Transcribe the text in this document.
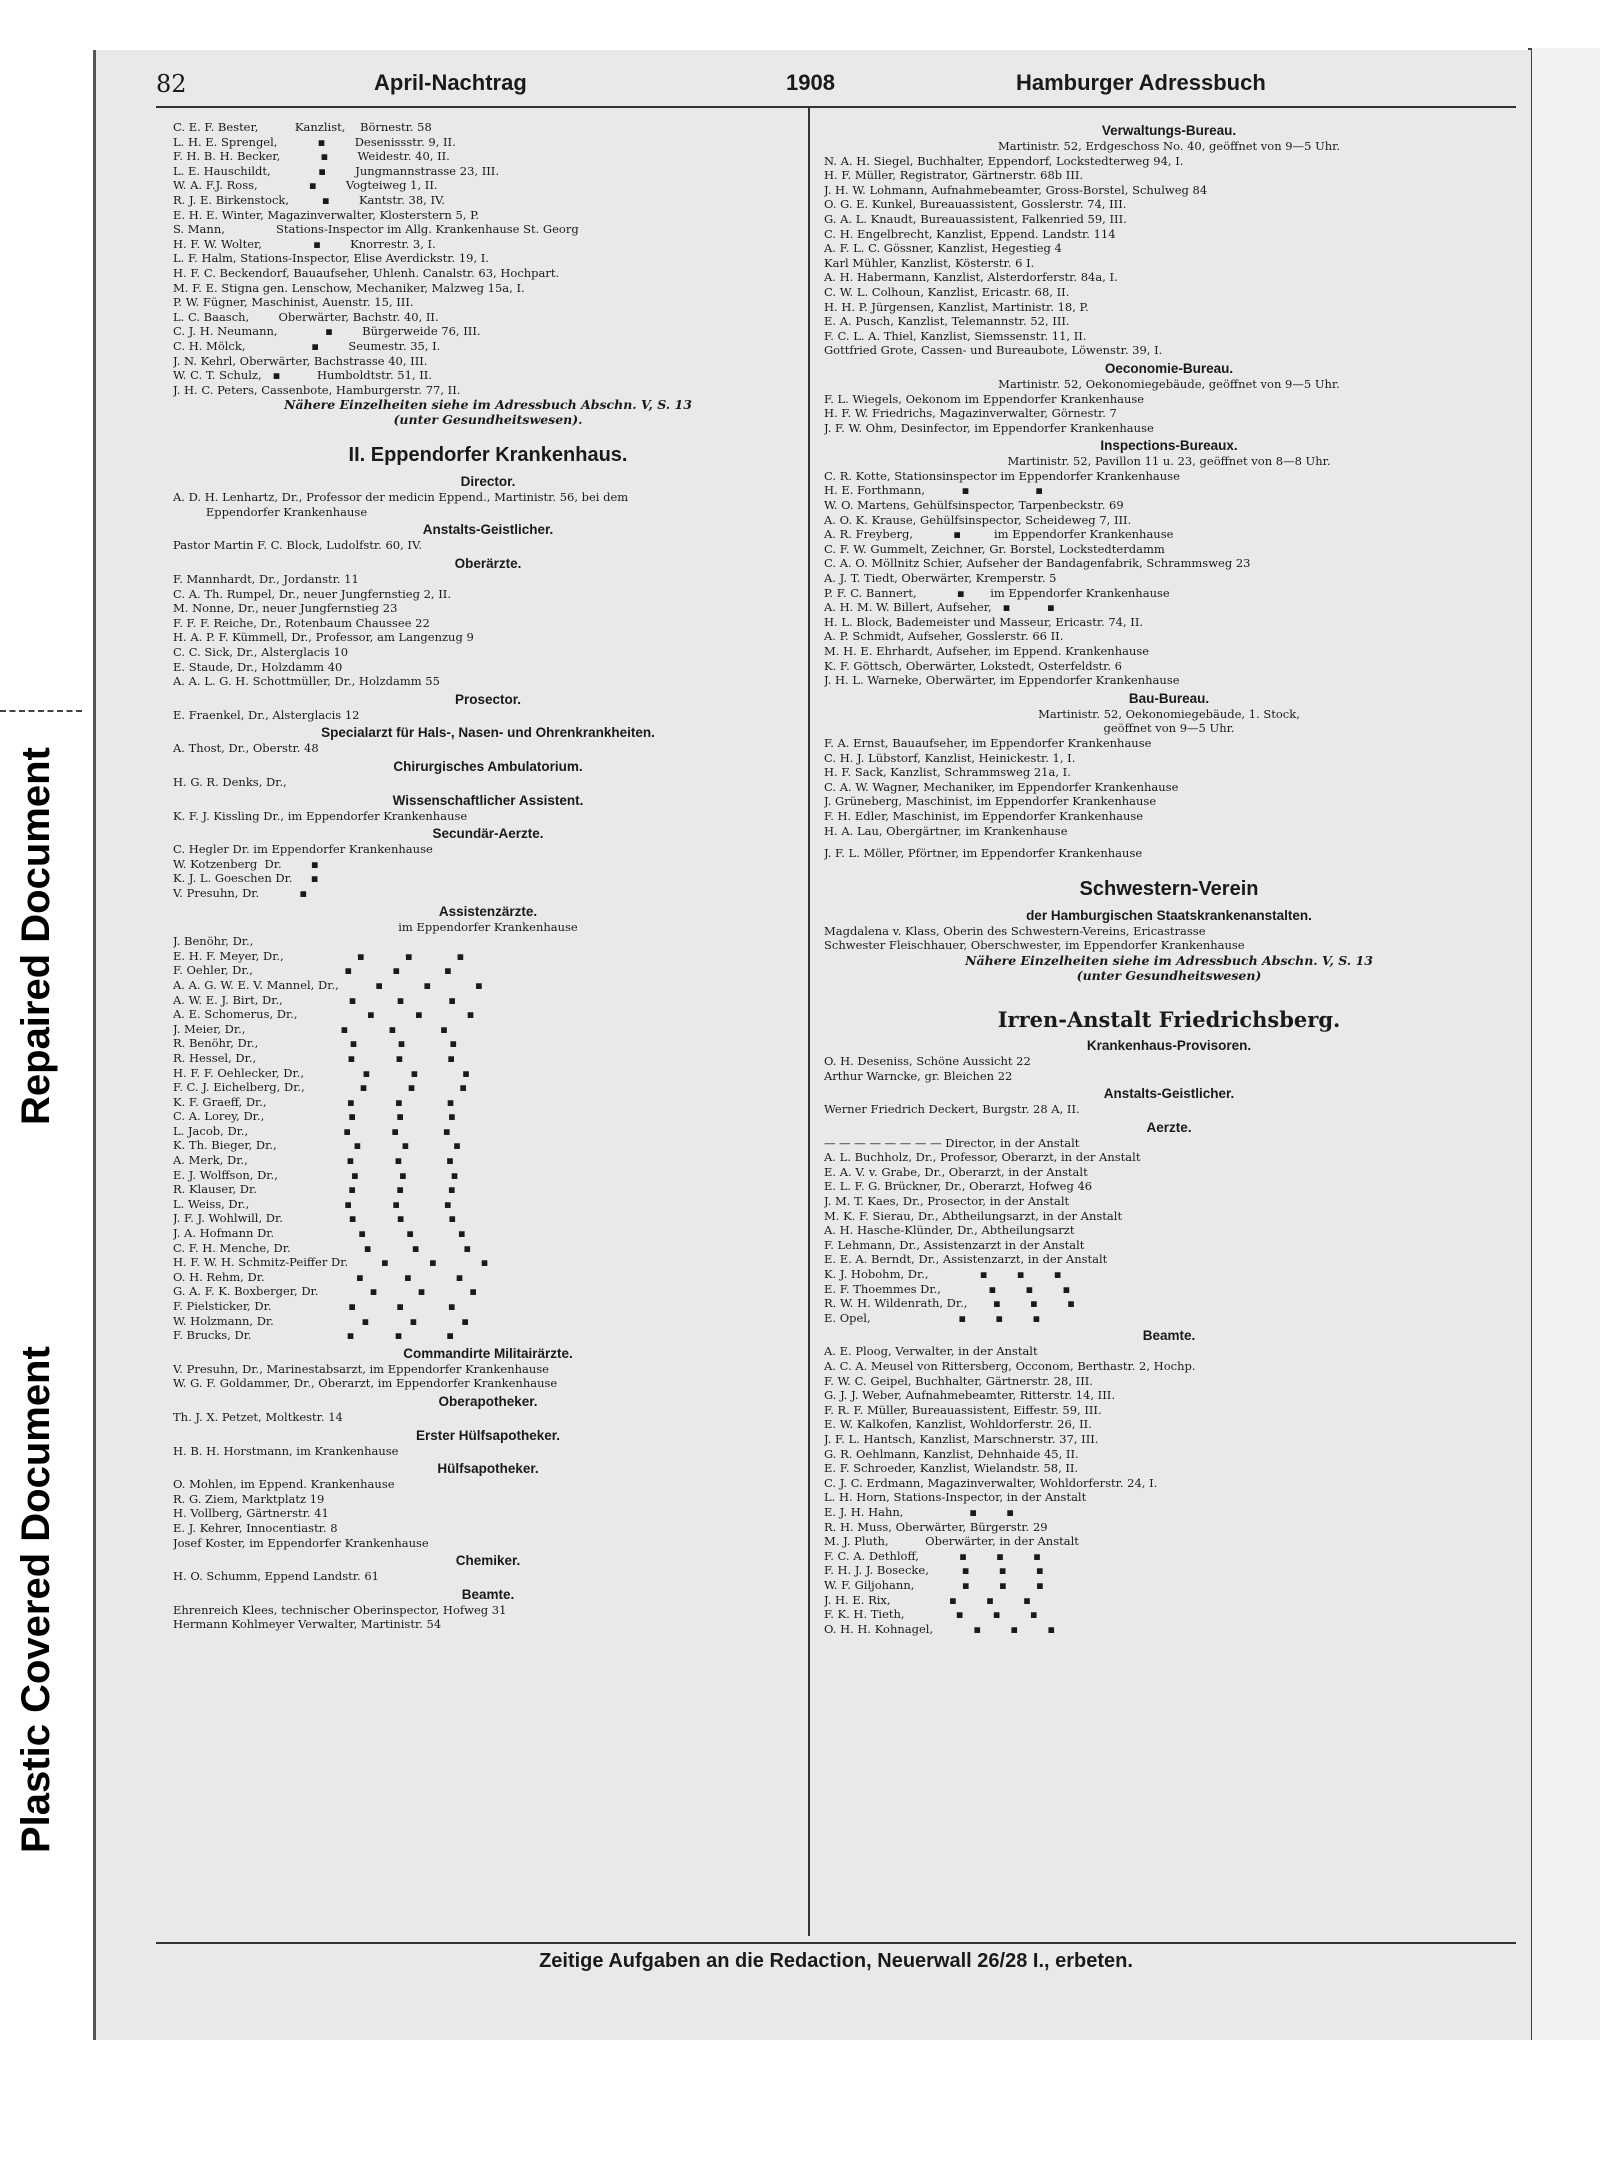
Repaired Document
Plastic Covered Document
82	April-Nachtrag	1908	Hamburger Adressbuch
C. E. F. Bester,          Kanzlist,    Börnestr. 58
L. H. E. Sprengel,           ▪        Desenissstr. 9, II.
F. H. B. H. Becker,           ▪        Weidestr. 40, II.
L. E. Hauschildt,             ▪        Jungmannstrasse 23, III.
W. A. F.J. Ross,              ▪        Vogteiweg 1, II.
R. J. E. Birkenstock,         ▪        Kantstr. 38, IV.
E. H. E. Winter, Magazinverwalter, Klosterstern 5, P.
S. Mann,              Stations-Inspector im Allg. Krankenhause St. Georg
H. F. W. Wolter,              ▪        Knorrestr. 3, I.
L. F. Halm, Stations-Inspector, Elise Averdickstr. 19, I.
H. F. C. Beckendorf, Bauaufseher, Uhlenh. Canalstr. 63, Hochpart.
M. F. E. Stigna gen. Lenschow, Mechaniker, Malzweg 15a, I.
P. W. Fügner, Maschinist, Auenstr. 15, III.
L. C. Baasch,        Oberwärter, Bachstr. 40, II.
C. J. H. Neumann,             ▪        Bürgerweide 76, III.
C. H. Mölck,                  ▪        Seumestr. 35, I.
J. N. Kehrl, Oberwärter, Bachstrasse 40, III.
W. C. T. Schulz,   ▪          Humboldtstr. 51, II.
J. H. C. Peters, Cassenbote, Hamburgerstr. 77, II.
Nähere Einzelheiten siehe im Adressbuch Abschn. V, S. 13
(unter Gesundheitswesen).
II. Eppendorfer Krankenhaus.
Director.
A. D. H. Lenhartz, Dr., Professor der medicin Eppend., Martinistr. 56, bei dem
Eppendorfer Krankenhause
Anstalts-Geistlicher.
Pastor Martin F. C. Block, Ludolfstr. 60, IV.
Oberärzte.
F. Mannhardt, Dr., Jordanstr. 11
C. A. Th. Rumpel, Dr., neuer Jungfernstieg 2, II.
M. Nonne, Dr., neuer Jungfernstieg 23
F. F. F. Reiche, Dr., Rotenbaum Chaussee 22
H. A. P. F. Kümmell, Dr., Professor, am Langenzug 9
C. C. Sick, Dr., Alsterglacis 10
E. Staude, Dr., Holzdamm 40
A. A. L. G. H. Schottmüller, Dr., Holzdamm 55
Prosector.
E. Fraenkel, Dr., Alsterglacis 12
Specialarzt für Hals-, Nasen- und Ohrenkrankheiten.
A. Thost, Dr., Oberstr. 48
Chirurgisches Ambulatorium.
H. G. R. Denks, Dr.,
Wissenschaftlicher Assistent.
K. F. J. Kissling Dr., im Eppendorfer Krankenhause
Secundär-Aerzte.
C. Hegler Dr. im Eppendorfer Krankenhause
W. Kotzenberg  Dr.        ▪
K. J. L. Goeschen Dr.     ▪
V. Presuhn, Dr.           ▪
Assistenzärzte.
im Eppendorfer Krankenhause
J. Benöhr, Dr.,
E. H. F. Meyer, Dr.,                    ▪           ▪            ▪
F. Oehler, Dr.,                         ▪           ▪            ▪
A. A. G. W. E. V. Mannel, Dr.,          ▪           ▪            ▪
A. W. E. J. Birt, Dr.,                  ▪           ▪            ▪
A. E. Schomerus, Dr.,                   ▪           ▪            ▪
J. Meier, Dr.,                          ▪           ▪            ▪
R. Benöhr, Dr.,                         ▪           ▪            ▪
R. Hessel, Dr.,                         ▪           ▪            ▪
H. F. F. Oehlecker, Dr.,                ▪           ▪            ▪
F. C. J. Eichelberg, Dr.,               ▪           ▪            ▪
K. F. Graeff, Dr.,                      ▪           ▪            ▪
C. A. Lorey, Dr.,                       ▪           ▪            ▪
L. Jacob, Dr.,                          ▪           ▪            ▪
K. Th. Bieger, Dr.,                     ▪           ▪            ▪
A. Merk, Dr.,                           ▪           ▪            ▪
E. J. Wolffson, Dr.,                    ▪           ▪            ▪
R. Klauser, Dr.                         ▪           ▪            ▪
L. Weiss, Dr.,                          ▪           ▪            ▪
J. F. J. Wohlwill, Dr.                  ▪           ▪            ▪
J. A. Hofmann Dr.                       ▪           ▪            ▪
C. F. H. Menche, Dr.                    ▪           ▪            ▪
H. F. W. H. Schmitz-Peiffer Dr.         ▪           ▪            ▪
O. H. Rehm, Dr.                         ▪           ▪            ▪
G. A. F. K. Boxberger, Dr.              ▪           ▪            ▪
F. Pielsticker, Dr.                     ▪           ▪            ▪
W. Holzmann, Dr.                        ▪           ▪            ▪
F. Brucks, Dr.                          ▪           ▪            ▪
Commandirte Militairärzte.
V. Presuhn, Dr., Marinestabsarzt, im Eppendorfer Krankenhause
W. G. F. Goldammer, Dr., Oberarzt, im Eppendorfer Krankenhause
Oberapotheker.
Th. J. X. Petzet, Moltkestr. 14
Erster Hülfsapotheker.
H. B. H. Horstmann, im Krankenhause
Hülfsapotheker.
O. Mohlen, im Eppend. Krankenhause
R. G. Ziem, Marktplatz 19
H. Vollberg, Gärtnerstr. 41
E. J. Kehrer, Innocentiastr. 8
Josef Koster, im Eppendorfer Krankenhause
Chemiker.
H. O. Schumm, Eppend Landstr. 61
Beamte.
Ehrenreich Klees, technischer Oberinspector, Hofweg 31
Hermann Kohlmeyer Verwalter, Martinistr. 54
Verwaltungs-Bureau.
Martinistr. 52, Erdgeschoss No. 40, geöffnet von 9—5 Uhr.
N. A. H. Siegel, Buchhalter, Eppendorf, Lockstedterweg 94, I.
H. F. Müller, Registrator, Gärtnerstr. 68b III.
J. H. W. Lohmann, Aufnahmebeamter, Gross-Borstel, Schulweg 84
O. G. E. Kunkel, Bureauassistent, Gosslerstr. 74, III.
G. A. L. Knaudt, Bureauassistent, Falkenried 59, III.
C. H. Engelbrecht, Kanzlist, Eppend. Landstr. 114
A. F. L. C. Gössner, Kanzlist, Hegestieg 4
Karl Mühler, Kanzlist, Kösterstr. 6 I.
A. H. Habermann, Kanzlist, Alsterdorferstr. 84a, I.
C. W. L. Colhoun, Kanzlist, Ericastr. 68, II.
H. H. P. Jürgensen, Kanzlist, Martinistr. 18, P.
E. A. Pusch, Kanzlist, Telemannstr. 52, III.
F. C. L. A. Thiel, Kanzlist, Siemssenstr. 11, II.
Gottfried Grote, Cassen- und Bureaubote, Löwenstr. 39, I.
Oeconomie-Bureau.
Martinistr. 52, Oekonomiegebäude, geöffnet von 9—5 Uhr.
F. L. Wiegels, Oekonom im Eppendorfer Krankenhause
H. F. W. Friedrichs, Magazinverwalter, Görnestr. 7
J. F. W. Ohm, Desinfector, im Eppendorfer Krankenhause
Inspections-Bureaux.
Martinistr. 52, Pavillon 11 u. 23, geöffnet von 8—8 Uhr.
C. R. Kotte, Stationsinspector im Eppendorfer Krankenhause
H. E. Forthmann,          ▪                  ▪
W. O. Martens, Gehülfsinspector, Tarpenbeckstr. 69
A. O. K. Krause, Gehülfsinspector, Scheideweg 7, III.
A. R. Freyberg,           ▪         im Eppendorfer Krankenhause
C. F. W. Gummelt, Zeichner, Gr. Borstel, Lockstedterdamm
C. A. O. Möllnitz Schier, Aufseher der Bandagenfabrik, Schrammsweg 23
A. J. T. Tiedt, Oberwärter, Kremperstr. 5
P. F. C. Bannert,           ▪       im Eppendorfer Krankenhause
A. H. M. W. Billert, Aufseher,   ▪          ▪
H. L. Block, Bademeister und Masseur, Ericastr. 74, II.
A. P. Schmidt, Aufseher, Gosslerstr. 66 II.
M. H. E. Ehrhardt, Aufseher, im Eppend. Krankenhause
K. F. Göttsch, Oberwärter, Lokstedt, Osterfeldstr. 6
J. H. L. Warneke, Oberwärter, im Eppendorfer Krankenhause
Bau-Bureau.
Martinistr. 52, Oekonomiegebäude, 1. Stock,
geöffnet von 9—5 Uhr.
F. A. Ernst, Bauaufseher, im Eppendorfer Krankenhause
C. H. J. Lübstorf, Kanzlist, Heinickestr. 1, I.
H. F. Sack, Kanzlist, Schrammsweg 21a, I.
C. A. W. Wagner, Mechaniker, im Eppendorfer Krankenhause
J. Grüneberg, Maschinist, im Eppendorfer Krankenhause
F. H. Edler, Maschinist, im Eppendorfer Krankenhause
H. A. Lau, Obergärtner, im Krankenhause
J. F. L. Möller, Pförtner, im Eppendorfer Krankenhause
Schwestern-Verein
der Hamburgischen Staatskrankenanstalten.
Magdalena v. Klass, Oberin des Schwestern-Vereins, Ericastrasse
Schwester Fleischhauer, Oberschwester, im Eppendorfer Krankenhause
Nähere Einzelheiten siehe im Adressbuch Abschn. V, S. 13
(unter Gesundheitswesen)
Irren-Anstalt Friedrichsberg.
Krankenhaus-Provisoren.
O. H. Deseniss, Schöne Aussicht 22
Arthur Warncke, gr. Bleichen 22
Anstalts-Geistlicher.
Werner Friedrich Deckert, Burgstr. 28 A, II.
Aerzte.
— — — — — — — — Director, in der Anstalt
A. L. Buchholz, Dr., Professor, Oberarzt, in der Anstalt
E. A. V. v. Grabe, Dr., Oberarzt, in der Anstalt
E. L. F. G. Brückner, Dr., Oberarzt, Hofweg 46
J. M. T. Kaes, Dr., Prosector, in der Anstalt
M. K. F. Sierau, Dr., Abtheilungsarzt, in der Anstalt
A. H. Hasche-Klünder, Dr., Abtheilungsarzt
F. Lehmann, Dr., Assistenzarzt in der Anstalt
E. E. A. Berndt, Dr., Assistenzarzt, in der Anstalt
K. J. Hobohm, Dr.,              ▪        ▪        ▪
E. F. Thoemmes Dr.,             ▪        ▪        ▪
R. W. H. Wildenrath, Dr.,       ▪        ▪        ▪
E. Opel,                        ▪        ▪        ▪
Beamte.
A. E. Ploog, Verwalter, in der Anstalt
A. C. A. Meusel von Rittersberg, Occonom, Berthastr. 2, Hochp.
F. W. C. Geipel, Buchhalter, Gärtnerstr. 28, III.
G. J. J. Weber, Aufnahmebeamter, Ritterstr. 14, III.
F. R. F. Müller, Bureauassistent, Eiffestr. 59, III.
E. W. Kalkofen, Kanzlist, Wohldorferstr. 26, II.
J. F. L. Hantsch, Kanzlist, Marschnerstr. 37, III.
G. R. Oehlmann, Kanzlist, Dehnhaide 45, II.
E. F. Schroeder, Kanzlist, Wielandstr. 58, II.
C. J. C. Erdmann, Magazinverwalter, Wohldorferstr. 24, I.
L. H. Horn, Stations-Inspector, in der Anstalt
E. J. H. Hahn,                  ▪        ▪
R. H. Muss, Oberwärter, Bürgerstr. 29
M. J. Pluth,          Oberwärter, in der Anstalt
F. C. A. Dethloff,           ▪        ▪        ▪
F. H. J. J. Bosecke,         ▪        ▪        ▪
W. F. Giljohann,             ▪        ▪        ▪
J. H. E. Rix,                ▪        ▪        ▪
F. K. H. Tieth,              ▪        ▪        ▪
O. H. H. Kohnagel,           ▪        ▪        ▪
Zeitige Aufgaben an die Redaction, Neuerwall 26/28 I., erbeten.
